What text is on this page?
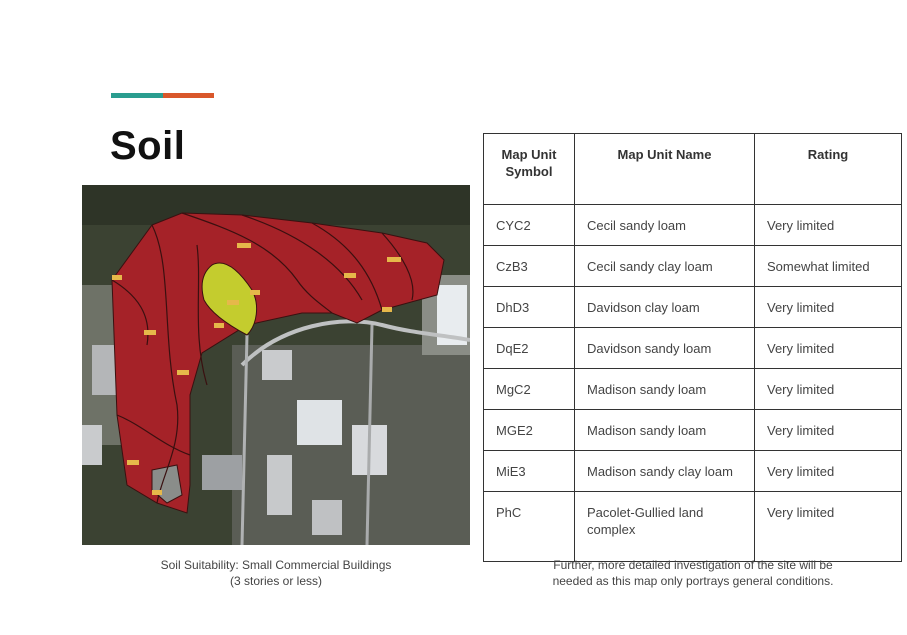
Soil
Soil Suitability: Small Commercial Buildings
(3 stories or less)
Map Unit Symbol	Map Unit Name	Rating
CYC2	Cecil sandy loam	Very limited
CzB3	Cecil sandy clay loam	Somewhat limited
DhD3	Davidson clay loam	Very limited
DqE2	Davidson sandy loam	Very limited
MgC2	Madison sandy loam	Very limited
MGE2	Madison sandy loam	Very limited
MiE3	Madison sandy clay loam	Very limited
PhC	Pacolet-Gullied land complex	Very limited
Further, more detailed investigation of the site will be
needed as this map only portrays general conditions.
